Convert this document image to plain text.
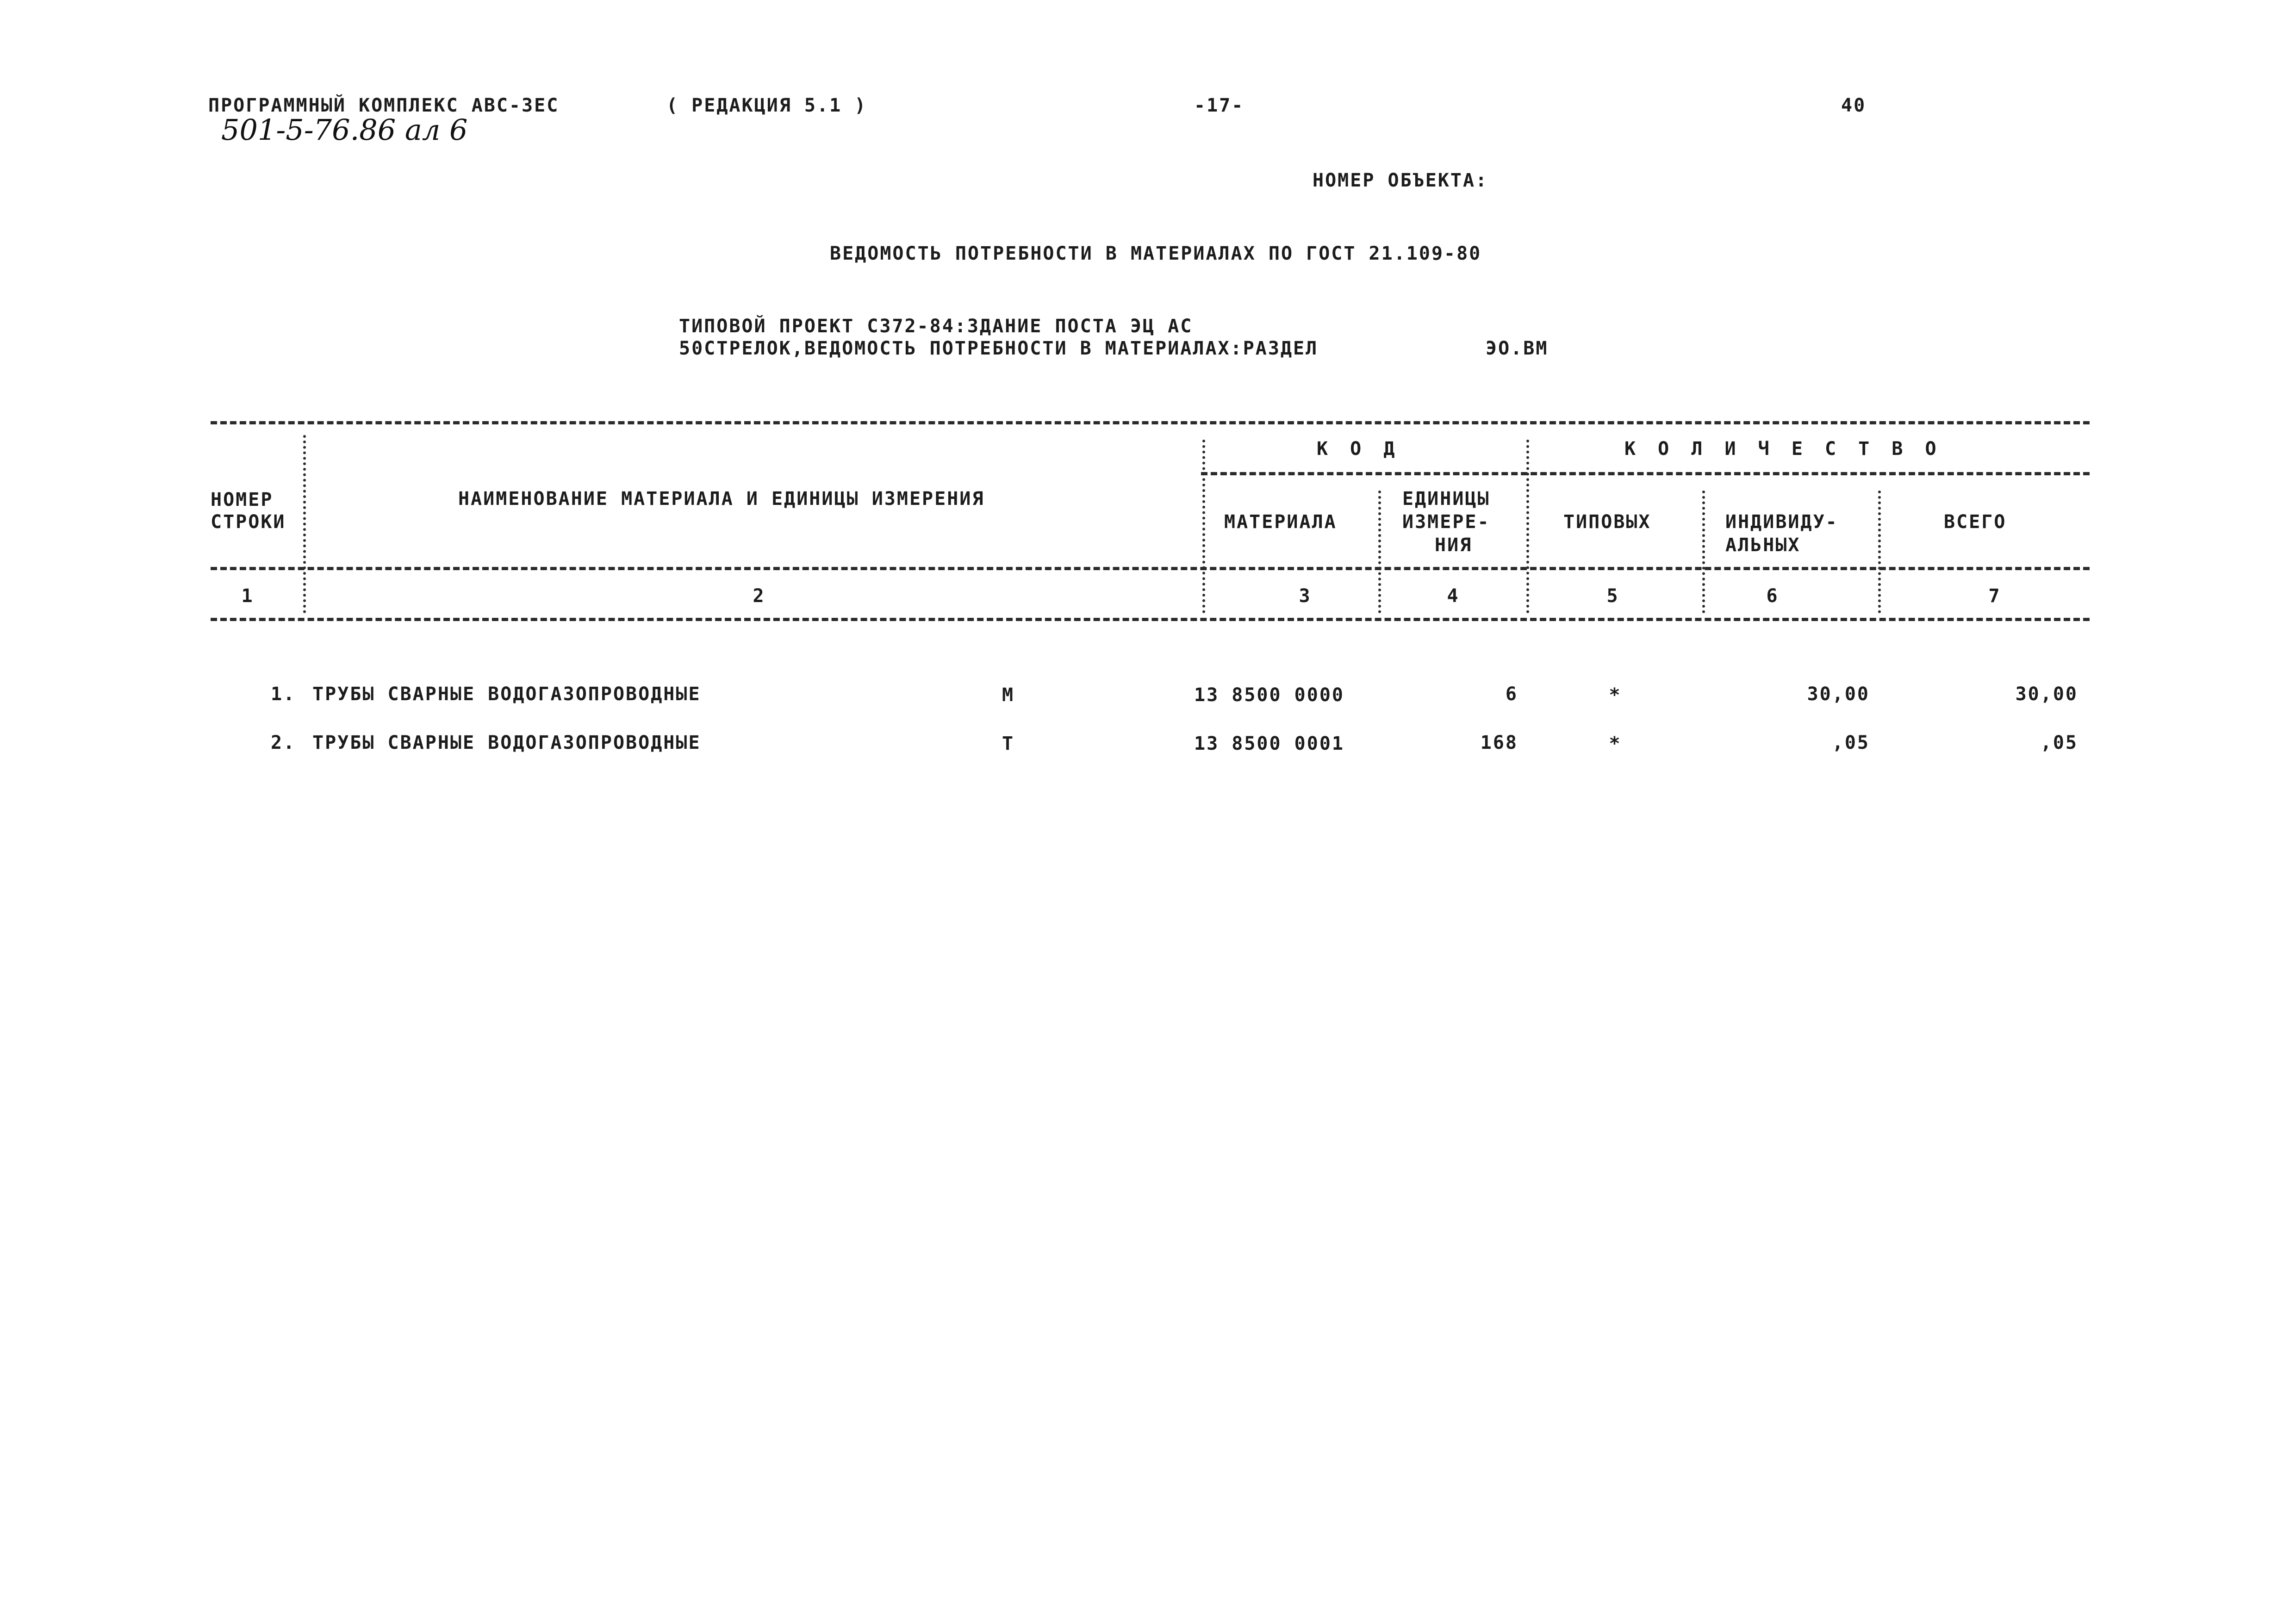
ПРОГРАММНЫЙ КОМПЛЕКС АВС-3ЕС	( РЕДАКЦИЯ 5.1 )	-17-	40
501-5-76.86 ал 6
НОМЕР ОБЪЕКТА:
ВЕДОМОСТЬ ПОТРЕБНОСТИ В МАТЕРИАЛАХ ПО ГОСТ 21.109-80
ТИПОВОЙ ПРОЕКТ С372-84:ЗДАНИЕ ПОСТА ЭЦ АС
50СТРЕЛОК,ВЕДОМОСТЬ ПОТРЕБНОСТИ В МАТЕРИАЛАХ:РАЗДЕЛ	ЭО.ВМ
НОМЕР
СТРОКИ
НАИМЕНОВАНИЕ МАТЕРИАЛА И ЕДИНИЦЫ ИЗМЕРЕНИЯ
К О Д	К О Л И Ч Е С Т В О
МАТЕРИАЛА
ЕДИНИЦЫ
ИЗМЕРЕ-
НИЯ
ТИПОВЫХ	ИНДИВИДУ-
АЛЬНЫХ
ВСЕГО
1	2	3	4	5	6	7
1. ТРУБЫ СВАРНЫЕ ВОДОГАЗОПРОВОДНЫЕ	М	13 8500 0000	6	*	30,00	30,00
2. ТРУБЫ СВАРНЫЕ ВОДОГАЗОПРОВОДНЫЕ	Т	13 8500 0001	168	*	,05	,05
